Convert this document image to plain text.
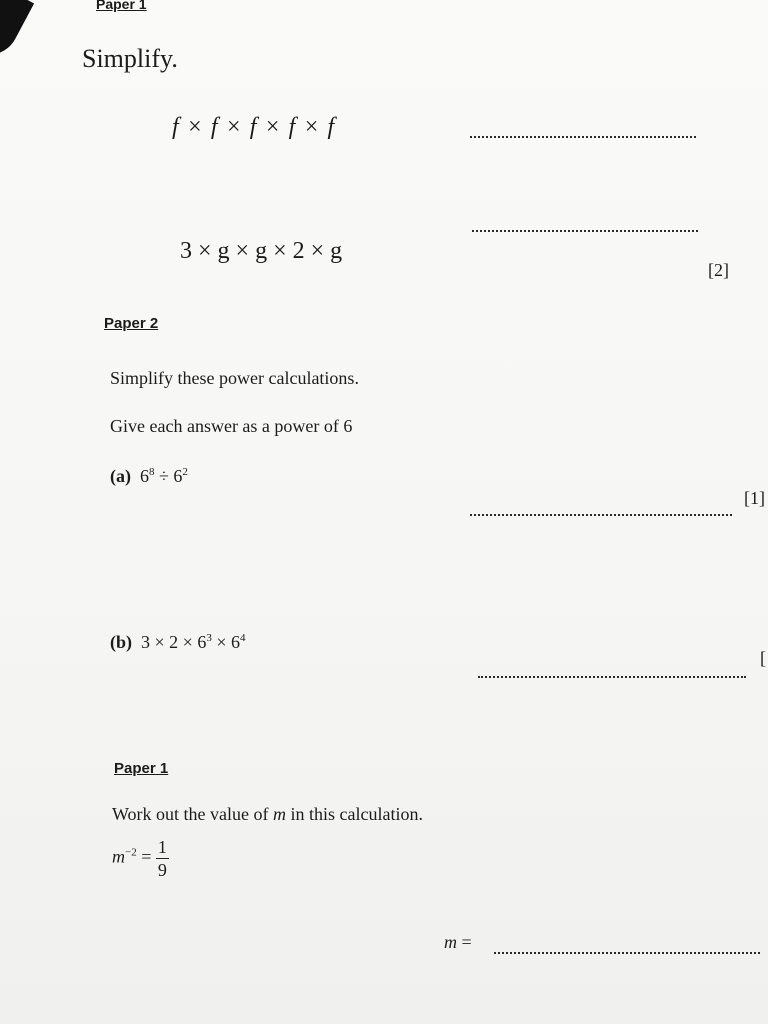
Paper 1
Simplify.
f × f × f × f × f
3 × g × g × 2 × g
[2]
Paper 2
Simplify these power calculations.
Give each answer as a power of 6
(a) $6^8 \div 6^2$
[1]
(b) $3 \times 2 \times 6^3 \times 6^4$
[
Paper 1
Work out the value of m in this calculation.
$m^{-2} = \frac{1}{9}$
m =
